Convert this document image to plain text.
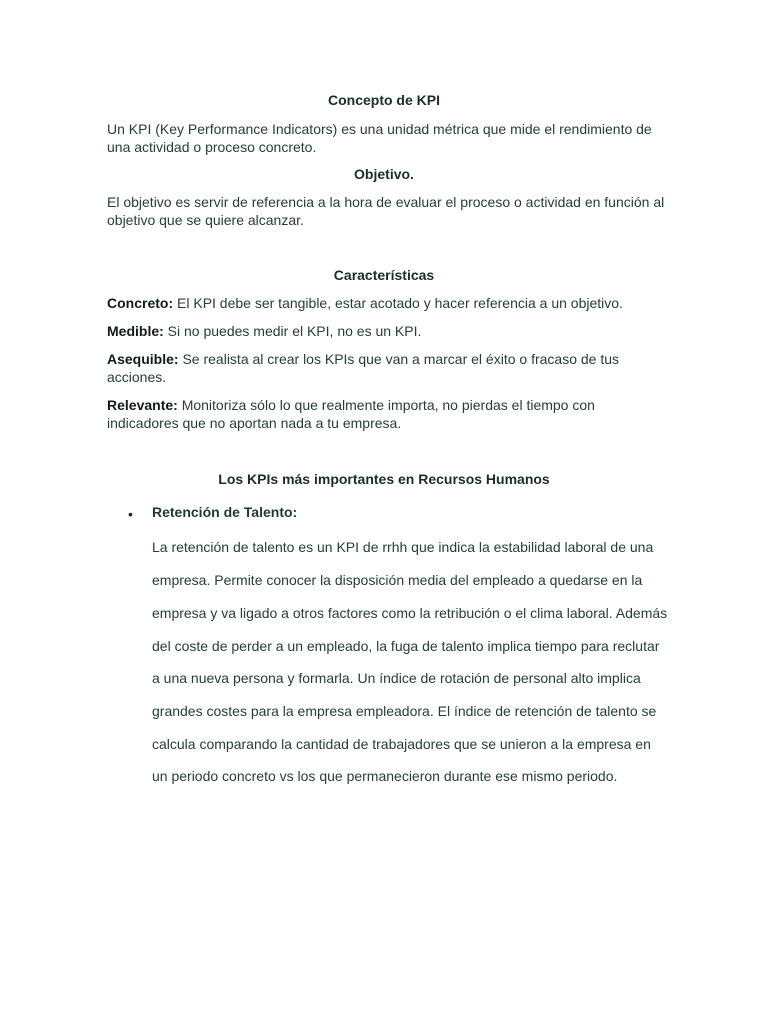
Concepto de KPI

Un KPI (Key Performance Indicators) es una unidad métrica que mide el rendimiento de una actividad o proceso concreto.

Objetivo.

El objetivo es servir de referencia a la hora de evaluar el proceso o actividad en función al objetivo que se quiere alcanzar.

Características

Concreto: El KPI debe ser tangible, estar acotado y hacer referencia a un objetivo.

Medible: Si no puedes medir el KPI, no es un KPI.

Asequible: Se realista al crear los KPIs que van a marcar el éxito o fracaso de tus acciones.

Relevante: Monitoriza sólo lo que realmente importa, no pierdas el tiempo con indicadores que no aportan nada a tu empresa.

Los KPIs más importantes en Recursos Humanos
• Retención de Talento:

La retención de talento es un KPI de rrhh que indica la estabilidad laboral de una

empresa. Permite conocer la disposición media del empleado a quedarse en la

empresa y va ligado a otros factores como la retribución o el clima laboral. Además

del coste de perder a un empleado, la fuga de talento implica tiempo para reclutar

a una nueva persona y formarla. Un índice de rotación de personal alto implica

grandes costes para la empresa empleadora. El índice de retención de talento se

calcula comparando la cantidad de trabajadores que se unieron a la empresa en

un periodo concreto vs los que permanecieron durante ese mismo periodo.
